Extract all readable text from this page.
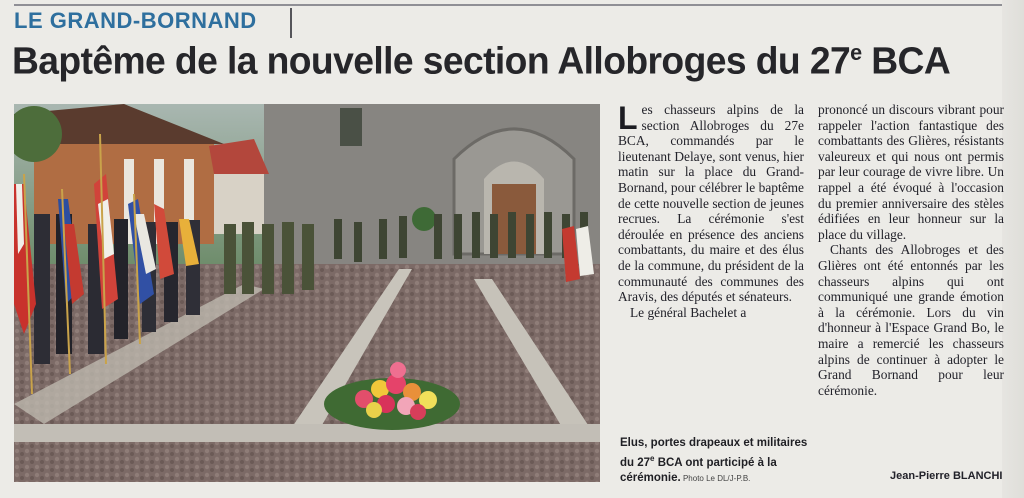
LE GRAND-BORNAND
Baptême de la nouvelle section Allobroges du 27e BCA

Les chasseurs alpins de la section Allobroges du 27e BCA, commandés par le lieutenant Delaye, sont venus, hier matin sur la place du Grand-Bornand, pour célébrer le baptême de cette nouvelle section de jeunes recrues. La cérémonie s'est déroulée en présence des anciens combattants, du maire et des élus de la commune, du président de la communauté des communes des Aravis, des députés et sénateurs.

Le général Bachelet a

prononcé un discours vibrant pour rappeler l'action fantastique des combattants des Glières, résistants valeureux et qui nous ont permis par leur courage de vivre libre. Un rappel a été évoqué à l'occasion du premier anniversaire des stèles édifiées en leur honneur sur la place du village.

Chants des Allobroges et des Glières ont été entonnés par les chasseurs alpins qui ont communiqué une grande émotion à la cérémonie. Lors du vin d'honneur à l'Espace Grand Bo, le maire a remercié les chasseurs alpins de continuer à adopter le Grand Bornand pour leur cérémonie.

Elus, portes drapeaux et militaires du 27e BCA ont participé à la cérémonie. Photo Le DL/J-P.B.	Jean-Pierre BLANCHI
